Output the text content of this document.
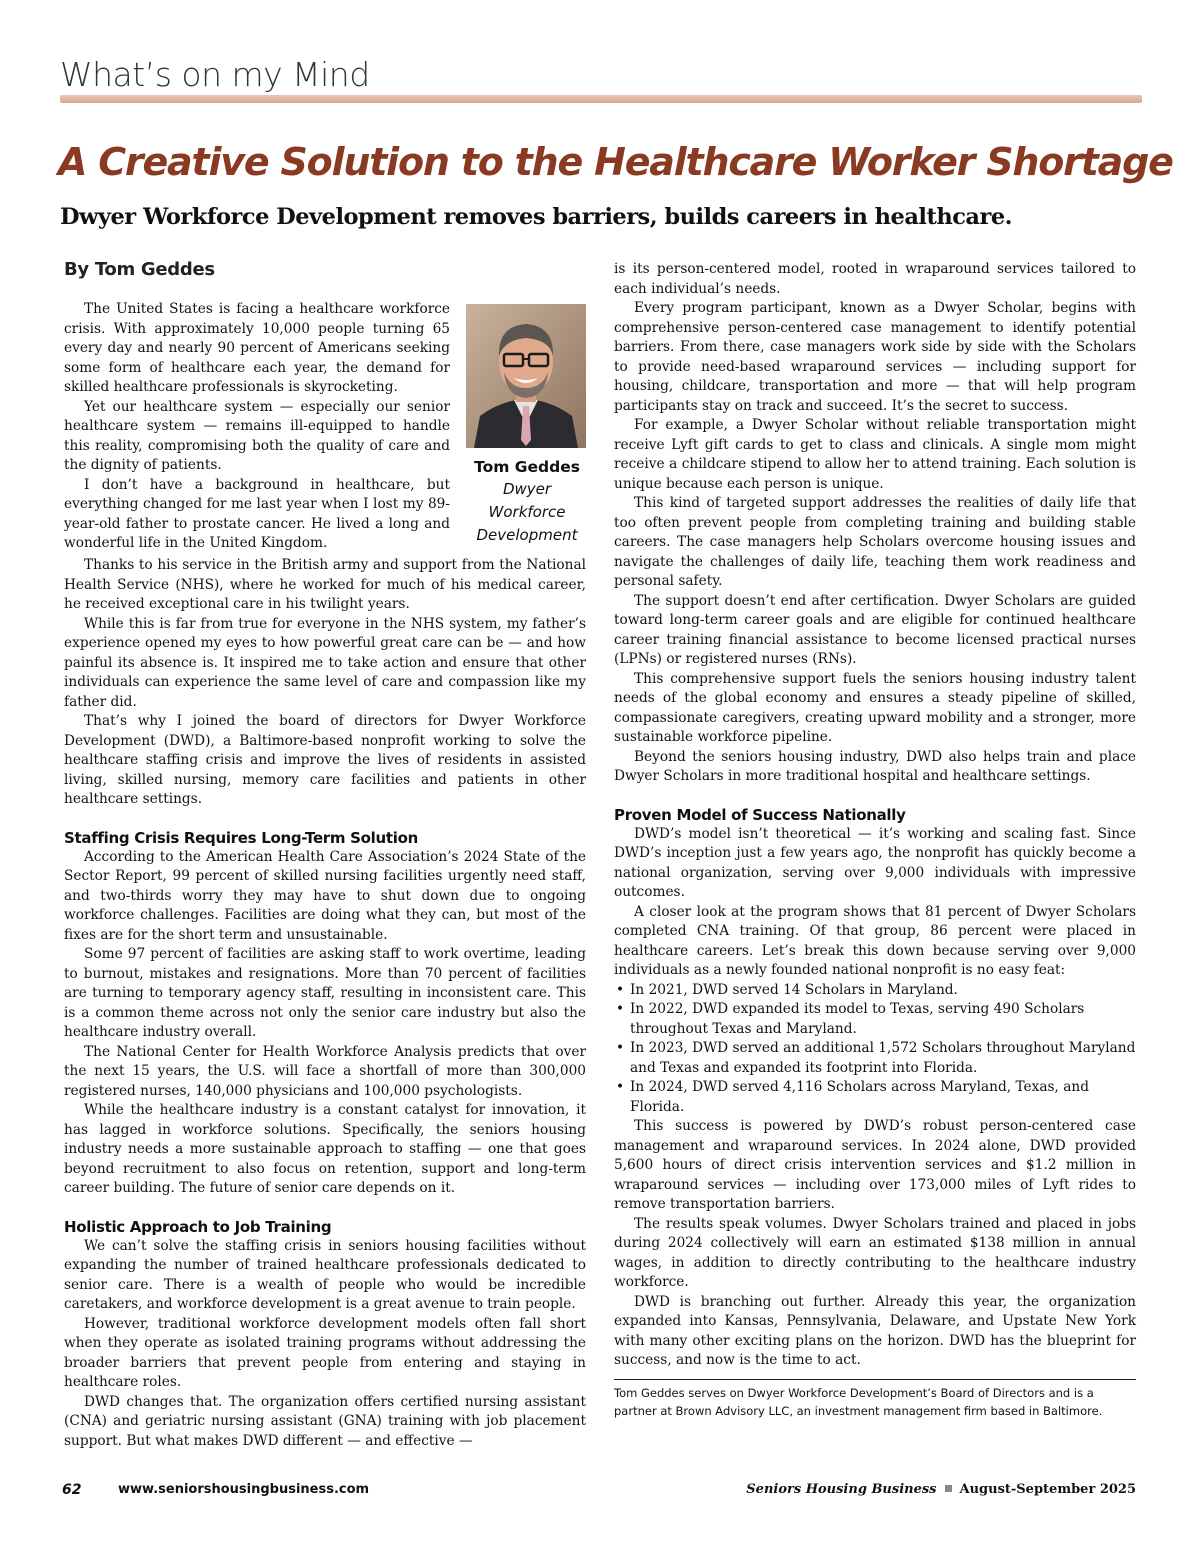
What’s on my Mind
A Creative Solution to the Healthcare Worker Shortage
Dwyer Workforce Development removes barriers, builds careers in healthcare.
By Tom Geddes

The United States is facing a healthcare workforce crisis. With approximately 10,000 people turning 65 every day and nearly 90 percent of Americans seeking some form of healthcare each year, the demand for skilled healthcare professionals is skyrocketing.

Yet our healthcare system — especially our senior healthcare system — remains ill-equipped to handle this reality, compromising both the quality of care and the dignity of patients.

I don’t have a background in healthcare, but everything changed for me last year when I lost my 89-year-old father to prostate cancer. He lived a long and wonderful life in the United Kingdom.

Tom Geddes
Dwyer
Workforce
Development

Thanks to his service in the British army and support from the National Health Service (NHS), where he worked for much of his medical career, he received exceptional care in his twilight years.

While this is far from true for everyone in the NHS system, my father’s experience opened my eyes to how powerful great care can be — and how painful its absence is. It inspired me to take action and ensure that other individuals can experience the same level of care and compassion like my father did.

That’s why I joined the board of directors for Dwyer Workforce Development (DWD), a Baltimore-based nonprofit working to solve the healthcare staffing crisis and improve the lives of residents in assisted living, skilled nursing, memory care facilities and patients in other healthcare settings.

Staffing Crisis Requires Long-Term Solution

According to the American Health Care Association’s 2024 State of the Sector Report, 99 percent of skilled nursing facilities urgently need staff, and two-thirds worry they may have to shut down due to ongoing workforce challenges. Facilities are doing what they can, but most of the fixes are for the short term and unsustainable.

Some 97 percent of facilities are asking staff to work overtime, leading to burnout, mistakes and resignations. More than 70 percent of facilities are turning to temporary agency staff, resulting in inconsistent care. This is a common theme across not only the senior care industry but also the healthcare industry overall.

The National Center for Health Workforce Analysis predicts that over the next 15 years, the U.S. will face a shortfall of more than 300,000 registered nurses, 140,000 physicians and 100,000 psychologists.

While the healthcare industry is a constant catalyst for innovation, it has lagged in workforce solutions. Specifically, the seniors housing industry needs a more sustainable approach to staffing — one that goes beyond recruitment to also focus on retention, support and long-term career building. The future of senior care depends on it.

Holistic Approach to Job Training

We can’t solve the staffing crisis in seniors housing facilities without expanding the number of trained healthcare professionals dedicated to senior care. There is a wealth of people who would be incredible caretakers, and workforce development is a great avenue to train people.

However, traditional workforce development models often fall short when they operate as isolated training programs without addressing the broader barriers that prevent people from entering and staying in healthcare roles.

DWD changes that. The organization offers certified nursing assistant (CNA) and geriatric nursing assistant (GNA) training with job placement support. But what makes DWD different — and effective —

is its person-centered model, rooted in wraparound services tailored to each individual’s needs.

Every program participant, known as a Dwyer Scholar, begins with comprehensive person-centered case management to identify potential barriers. From there, case managers work side by side with the Scholars to provide need-based wraparound services — including support for housing, childcare, transportation and more — that will help program participants stay on track and succeed. It’s the secret to success.

For example, a Dwyer Scholar without reliable transportation might receive Lyft gift cards to get to class and clinicals. A single mom might receive a childcare stipend to allow her to attend training. Each solution is unique because each person is unique.

This kind of targeted support addresses the realities of daily life that too often prevent people from completing training and building stable careers. The case managers help Scholars overcome housing issues and navigate the challenges of daily life, teaching them work readiness and personal safety.

The support doesn’t end after certification. Dwyer Scholars are guided toward long-term career goals and are eligible for continued healthcare career training financial assistance to become licensed practical nurses (LPNs) or registered nurses (RNs).

This comprehensive support fuels the seniors housing industry talent needs of the global economy and ensures a steady pipeline of skilled, compassionate caregivers, creating upward mobility and a stronger, more sustainable workforce pipeline.

Beyond the seniors housing industry, DWD also helps train and place Dwyer Scholars in more traditional hospital and healthcare settings.

Proven Model of Success Nationally

DWD’s model isn’t theoretical — it’s working and scaling fast. Since DWD’s inception just a few years ago, the nonprofit has quickly become a national organization, serving over 9,000 individuals with impressive outcomes.

A closer look at the program shows that 81 percent of Dwyer Scholars completed CNA training. Of that group, 86 percent were placed in healthcare careers. Let’s break this down because serving over 9,000 individuals as a newly founded national nonprofit is no easy feat:

• In 2021, DWD served 14 Scholars in Maryland.
• In 2022, DWD expanded its model to Texas, serving 490 Scholars throughout Texas and Maryland.
• In 2023, DWD served an additional 1,572 Scholars throughout Maryland and Texas and expanded its footprint into Florida.
• In 2024, DWD served 4,116 Scholars across Maryland, Texas, and Florida.

This success is powered by DWD’s robust person-centered case management and wraparound services. In 2024 alone, DWD provided 5,600 hours of direct crisis intervention services and $1.2 million in wraparound services — including over 173,000 miles of Lyft rides to remove transportation barriers.

The results speak volumes. Dwyer Scholars trained and placed in jobs during 2024 collectively will earn an estimated $138 million in annual wages, in addition to directly contributing to the healthcare industry workforce.

DWD is branching out further. Already this year, the organization expanded into Kansas, Pennsylvania, Delaware, and Upstate New York with many other exciting plans on the horizon. DWD has the blueprint for success, and now is the time to act.

Tom Geddes serves on Dwyer Workforce Development’s Board of Directors and is a partner at Brown Advisory LLC, an investment management firm based in Baltimore.

62	www.seniorshousingbusiness.com	Seniors Housing Business August-September 2025
